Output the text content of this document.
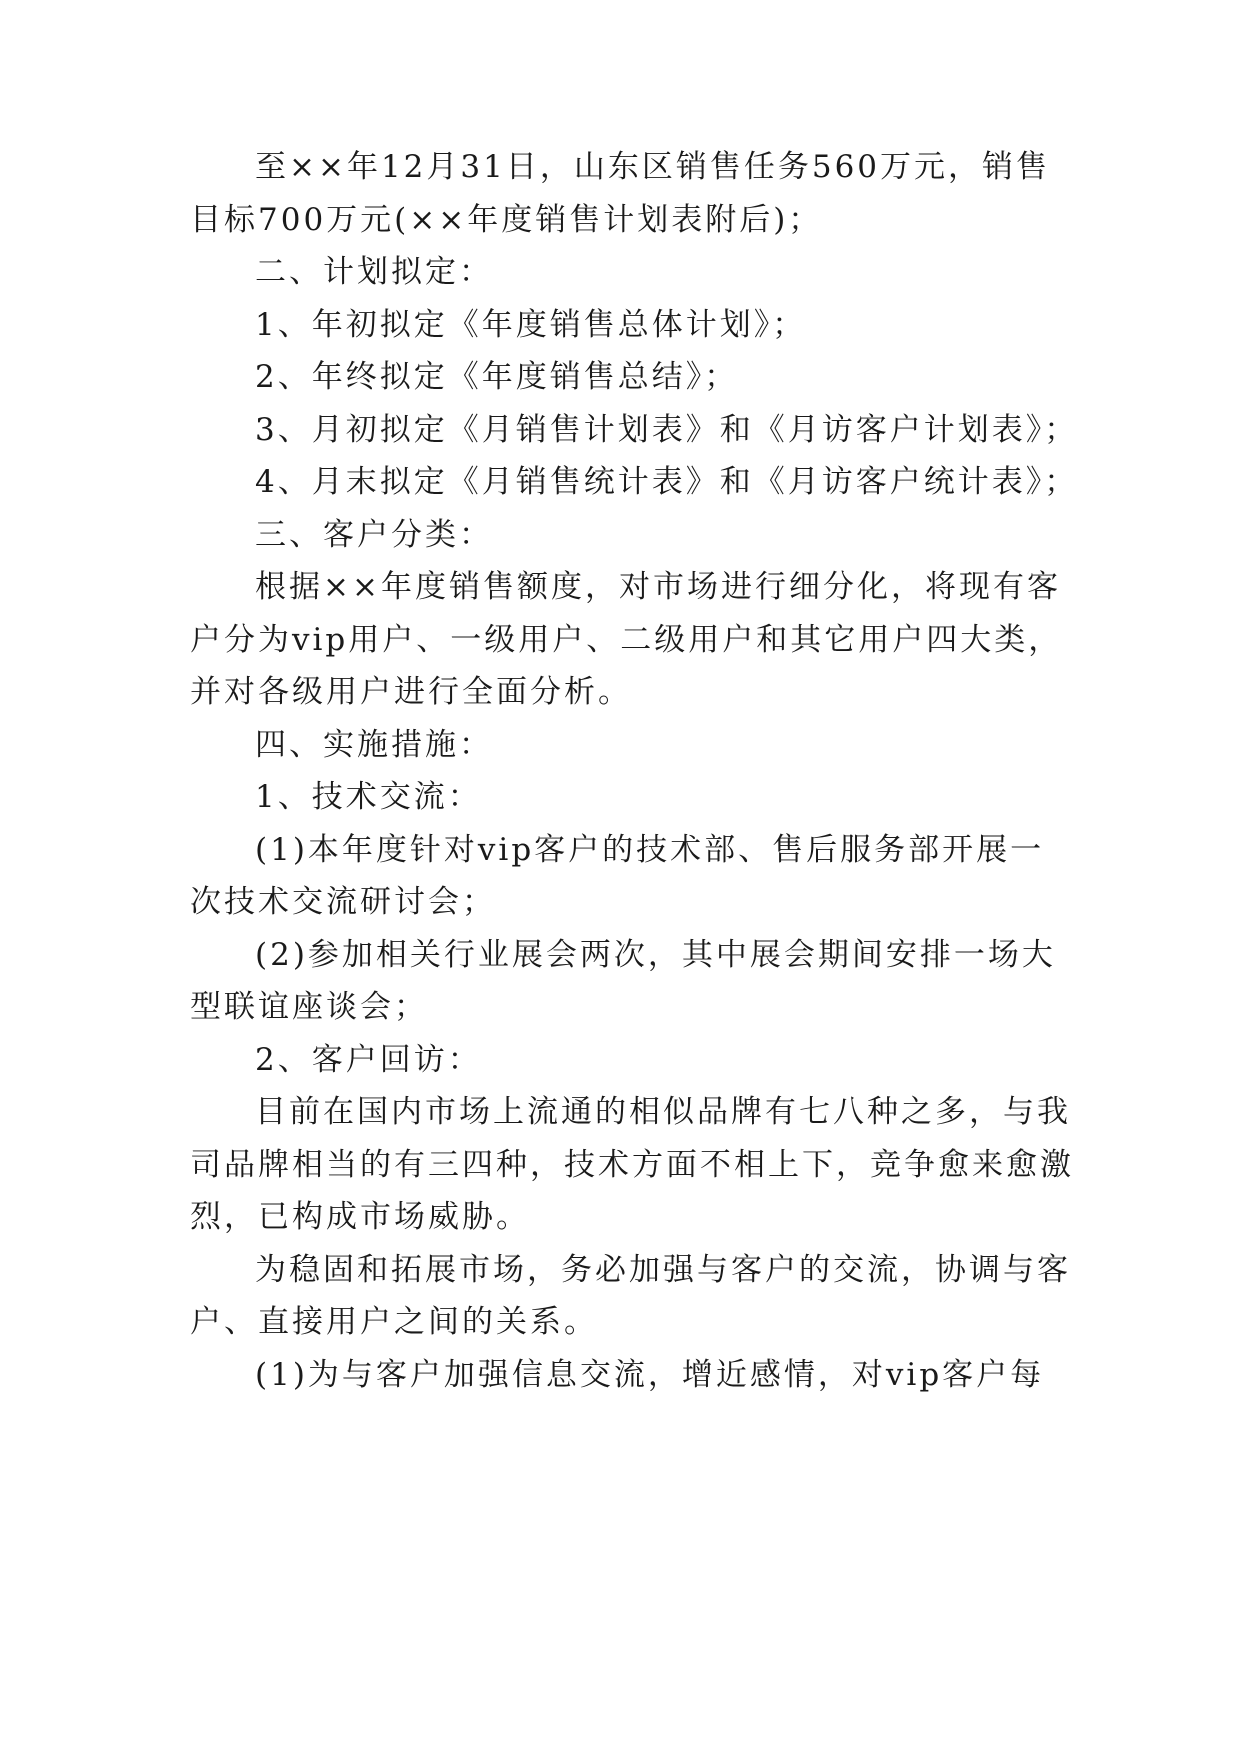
至××年12月31日，山东区销售任务560万元，销售

目标700万元(××年度销售计划表附后)；

二、计划拟定：

1、年初拟定《年度销售总体计划》；

2、年终拟定《年度销售总结》；

3、月初拟定《月销售计划表》和《月访客户计划表》；

4、月末拟定《月销售统计表》和《月访客户统计表》；

三、客户分类：

根据××年度销售额度，对市场进行细分化，将现有客

户分为vip用户、一级用户、二级用户和其它用户四大类，

并对各级用户进行全面分析。

四、实施措施：

1、技术交流：

(1)本年度针对vip客户的技术部、售后服务部开展一

次技术交流研讨会；

(2)参加相关行业展会两次，其中展会期间安排一场大

型联谊座谈会；

2、客户回访：

目前在国内市场上流通的相似品牌有七八种之多，与我

司品牌相当的有三四种，技术方面不相上下，竞争愈来愈激

烈，已构成市场威胁。

为稳固和拓展市场，务必加强与客户的交流，协调与客

户、直接用户之间的关系。

(1)为与客户加强信息交流，增近感情，对vip客户每
